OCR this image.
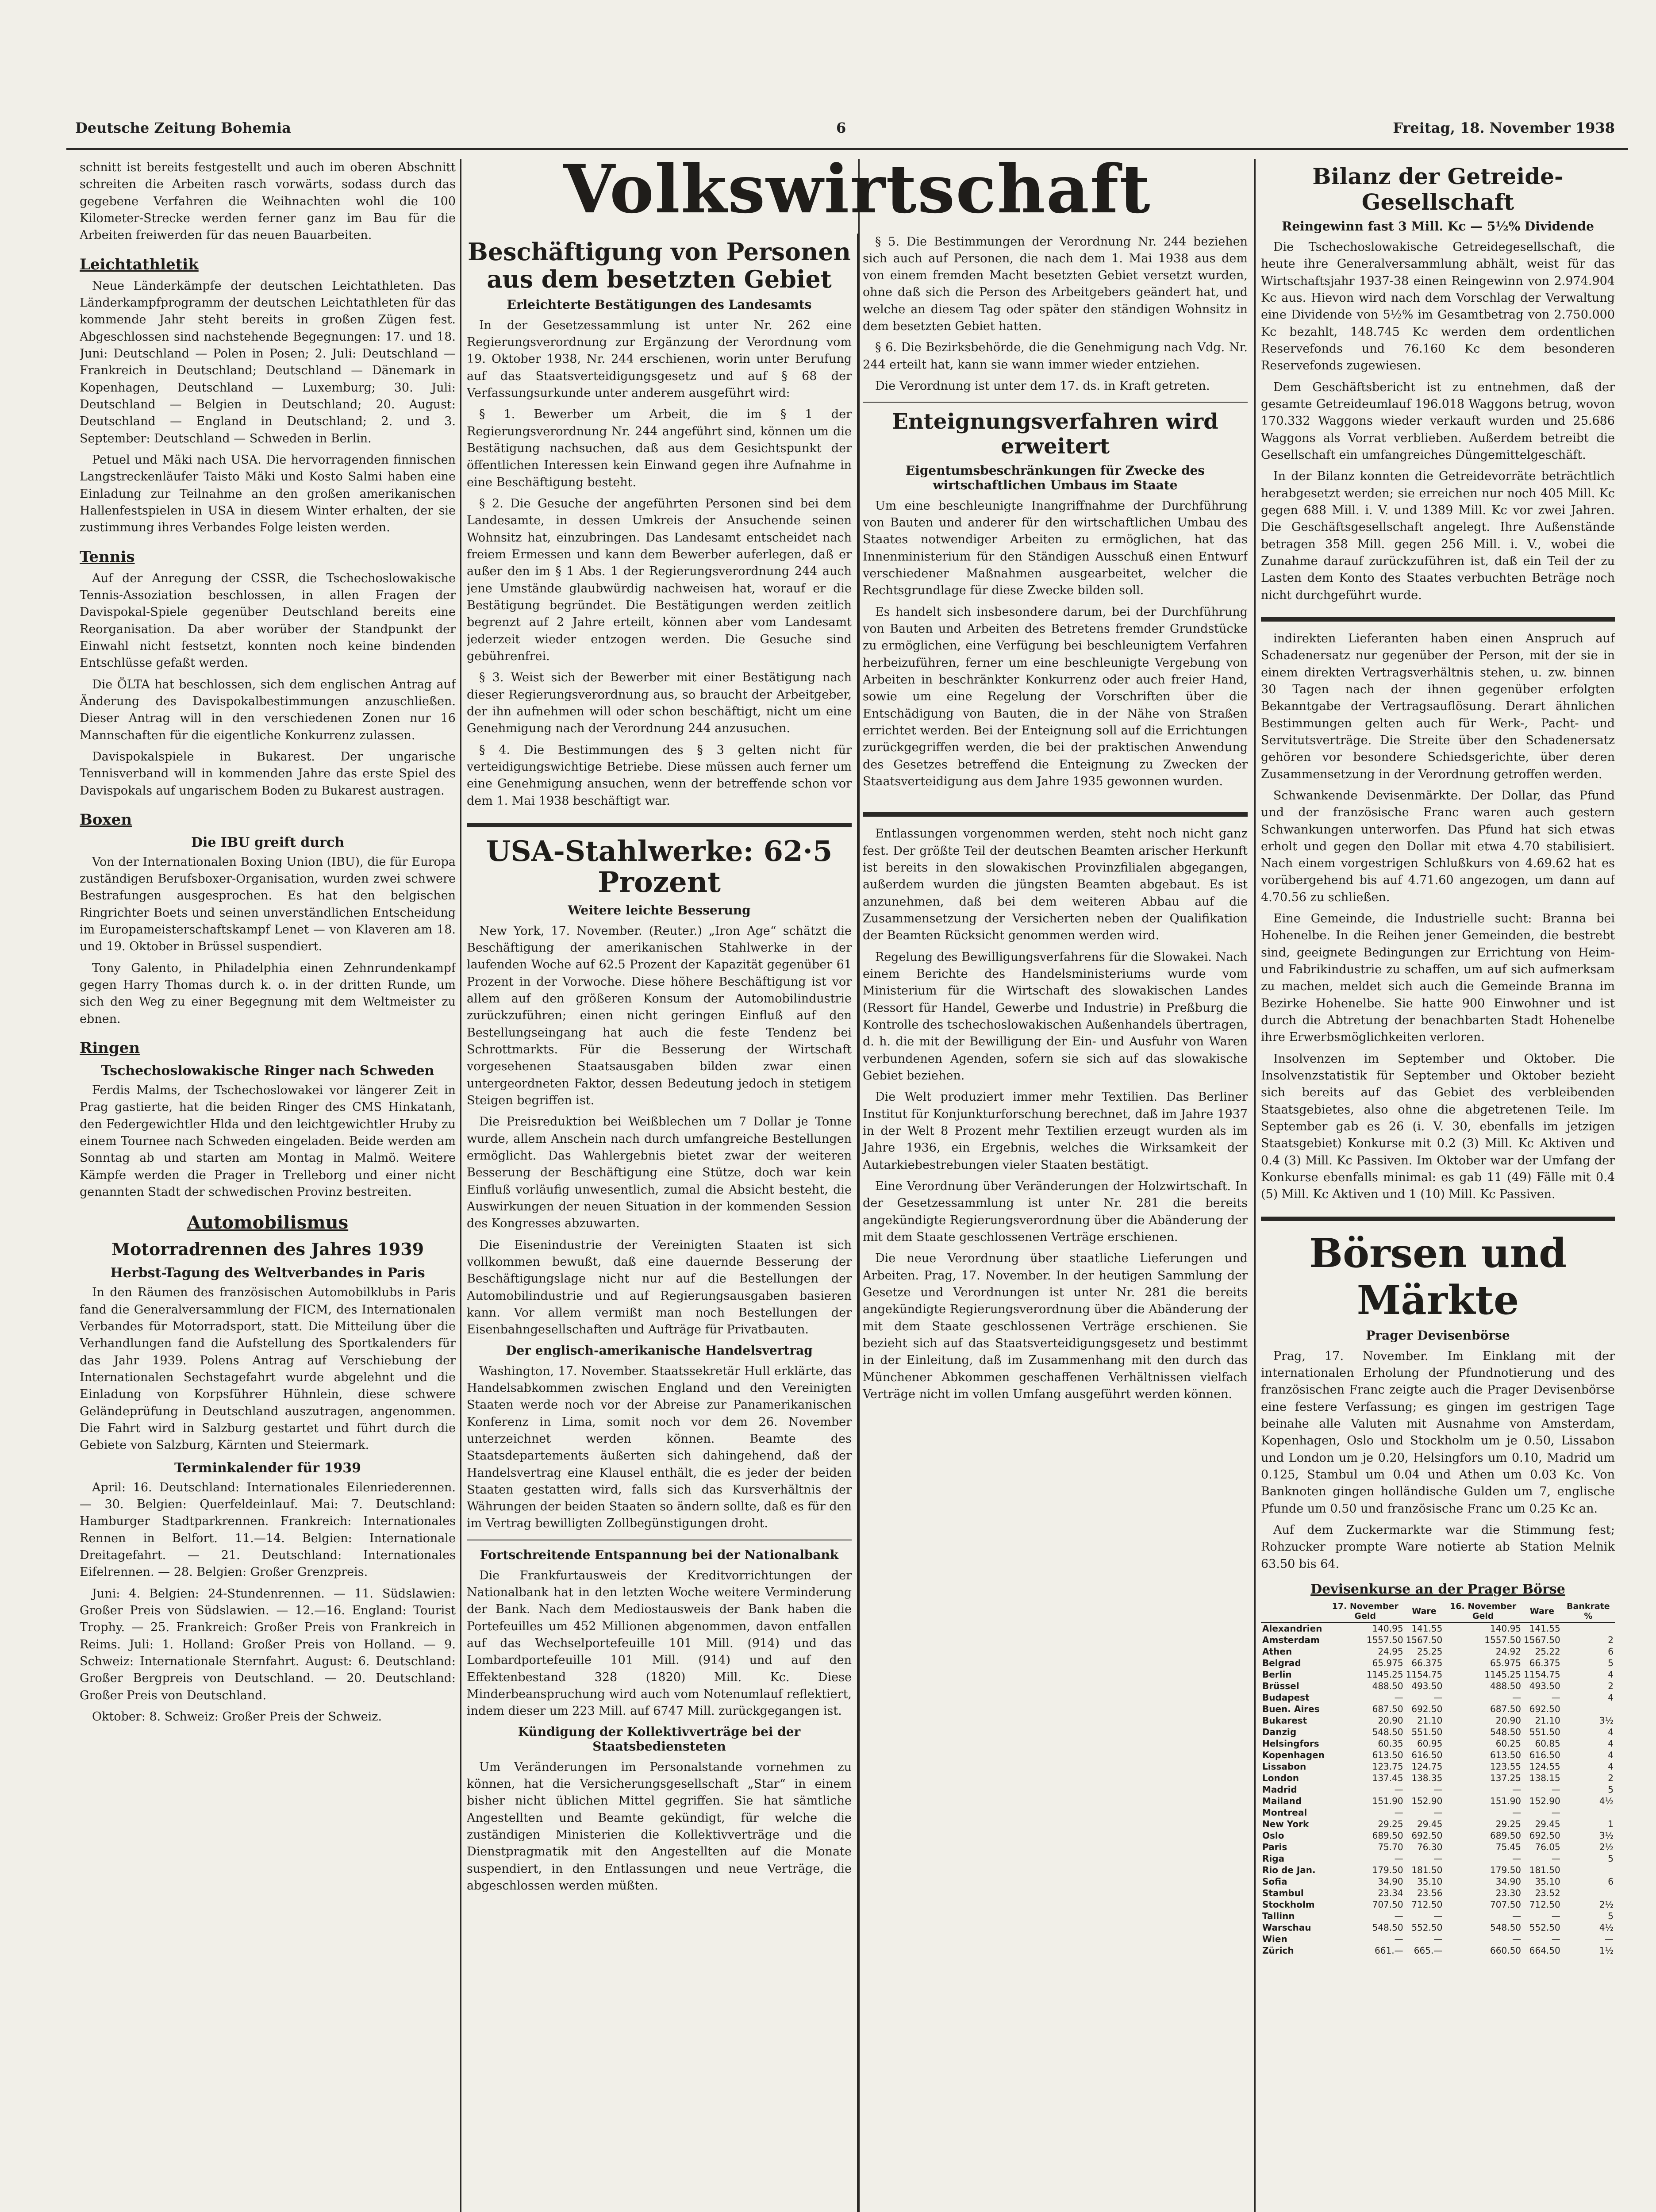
Deutsche Zeitung Bohemia	6	Freitag, 18. November 1938

schnitt ist bereits festgestellt und auch im oberen Abschnitt schreiten die Arbeiten rasch vorwärts, sodass durch das gegebene Verfahren die Weihnachten wohl die 100 Kilometer-Strecke werden ferner ganz im Bau für die Arbeiten freiwerden für das neuen Bauarbeiten.

Leichtathletik

Neue Länderkämpfe der deutschen Leichtathleten. Das Länderkampfprogramm der deutschen Leichtathleten für das kommende Jahr steht bereits in großen Zügen fest. Abgeschlossen sind nachstehende Begegnungen: 17. und 18. Juni: Deutschland — Polen in Posen; 2. Juli: Deutschland — Frankreich in Deutschland; Deutschland — Dänemark in Kopenhagen, Deutschland — Luxemburg; 30. Juli: Deutschland — Belgien in Deutschland; 20. August: Deutschland — England in Deutschland; 2. und 3. September: Deutschland — Schweden in Berlin.

Petuel und Mäki nach USA. Die hervorragenden finnischen Langstreckenläufer Taisto Mäki und Kosto Salmi haben eine Einladung zur Teilnahme an den großen amerikanischen Hallenfestspielen in USA in diesem Winter erhalten, der sie zustimmung ihres Verbandes Folge leisten werden.

Tennis

Auf der Anregung der CSSR, die Tschechoslowakische Tennis-Assoziation beschlossen, in allen Fragen der Davispokal-Spiele gegenüber Deutschland bereits eine Reorganisation. Da aber worüber der Standpunkt der Einwahl nicht festsetzt, konnten noch keine bindenden Entschlüsse gefaßt werden.

Die ÖLTA hat beschlossen, sich dem englischen Antrag auf Änderung des Davispokalbestimmungen anzuschließen. Dieser Antrag will in den verschiedenen Zonen nur 16 Mannschaften für die eigentliche Konkurrenz zulassen.

Davispokalspiele in Bukarest. Der ungarische Tennisverband will in kommenden Jahre das erste Spiel des Davispokals auf ungarischem Boden zu Bukarest austragen.

Boxen
Die IBU greift durch

Von der Internationalen Boxing Union (IBU), die für Europa zuständigen Berufsboxer-Organisation, wurden zwei schwere Bestrafungen ausgesprochen. Es hat den belgischen Ringrichter Boets und seinen unverständlichen Entscheidung im Europameisterschaftskampf Lenet — von Klaveren am 18. und 19. Oktober in Brüssel suspendiert.

Tony Galento, in Philadelphia einen Zehnrundenkampf gegen Harry Thomas durch k. o. in der dritten Runde, um sich den Weg zu einer Begegnung mit dem Weltmeister zu ebnen.

Ringen
Tschechoslowakische Ringer nach Schweden

Ferdis Malms, der Tschechoslowakei vor längerer Zeit in Prag gastierte, hat die beiden Ringer des CMS Hinkatanh, den Federgewichtler Hlda und den leichtgewichtler Hruby zu einem Tournee nach Schweden eingeladen. Beide werden am Sonntag ab und starten am Montag in Malmö. Weitere Kämpfe werden die Prager in Trelleborg und einer nicht genannten Stadt der schwedischen Provinz bestreiten.

Automobilismus
Motorradrennen des Jahres 1939
Herbst-Tagung des Weltverbandes in Paris

In den Räumen des französischen Automobilklubs in Paris fand die Generalversammlung der FICM, des Internationalen Verbandes für Motorradsport, statt. Die Mitteilung über die Verhandlungen fand die Aufstellung des Sportkalenders für das Jahr 1939. Polens Antrag auf Verschiebung der Internationalen Sechstagefahrt wurde abgelehnt und die Einladung von Korpsführer Hühnlein, diese schwere Geländeprüfung in Deutschland auszutragen, angenommen. Die Fahrt wird in Salzburg gestartet und führt durch die Gebiete von Salzburg, Kärnten und Steiermark.

Terminkalender für 1939

April: 16. Deutschland: Internationales Eilenriederennen. — 30. Belgien: Querfeldeinlauf. Mai: 7. Deutschland: Hamburger Stadtparkrennen. Frankreich: Internationales Rennen in Belfort. 11.—14. Belgien: Internationale Dreitagefahrt. — 21. Deutschland: Internationales Eifelrennen. — 28. Belgien: Großer Grenzpreis.

Juni: 4. Belgien: 24-Stundenrennen. — 11. Südslawien: Großer Preis von Südslawien. — 12.—16. England: Tourist Trophy. — 25. Frankreich: Großer Preis von Frankreich in Reims. Juli: 1. Holland: Großer Preis von Holland. — 9. Schweiz: Internationale Sternfahrt. August: 6. Deutschland: Großer Bergpreis von Deutschland. — 20. Deutschland: Großer Preis von Deutschland.

Oktober: 8. Schweiz: Großer Preis der Schweiz.

Volkswirtschaft
Beschäftigung von Personen aus dem besetzten Gebiet
Erleichterte Bestätigungen des Landesamts

In der Gesetzessammlung ist unter Nr. 262 eine Regierungsverordnung zur Ergänzung der Verordnung vom 19. Oktober 1938, Nr. 244 erschienen, worin unter Berufung auf das Staatsverteidigungsgesetz und auf § 68 der Verfassungsurkunde unter anderem ausgeführt wird:

§ 1. Bewerber um Arbeit, die im § 1 der Regierungsverordnung Nr. 244 angeführt sind, können um die Bestätigung nachsuchen, daß aus dem Gesichtspunkt der öffentlichen Interessen kein Einwand gegen ihre Aufnahme in eine Beschäftigung besteht.

§ 2. Die Gesuche der angeführten Personen sind bei dem Landesamte, in dessen Umkreis der Ansuchende seinen Wohnsitz hat, einzubringen. Das Landesamt entscheidet nach freiem Ermessen und kann dem Bewerber auferlegen, daß er außer den im § 1 Abs. 1 der Regierungsverordnung 244 auch jene Umstände glaubwürdig nachweisen hat, worauf er die Bestätigung begründet. Die Bestätigungen werden zeitlich begrenzt auf 2 Jahre erteilt, können aber vom Landesamt jederzeit wieder entzogen werden. Die Gesuche sind gebührenfrei.

§ 3. Weist sich der Bewerber mit einer Bestätigung nach dieser Regierungsverordnung aus, so braucht der Arbeitgeber, der ihn aufnehmen will oder schon beschäftigt, nicht um eine Genehmigung nach der Verordnung 244 anzusuchen.

§ 4. Die Bestimmungen des § 3 gelten nicht für verteidigungswichtige Betriebe. Diese müssen auch ferner um eine Genehmigung ansuchen, wenn der betreffende schon vor dem 1. Mai 1938 beschäftigt war.

USA-Stahlwerke: 62·5 Prozent
Weitere leichte Besserung

New York, 17. November. (Reuter.) „Iron Age“ schätzt die Beschäftigung der amerikanischen Stahlwerke in der laufenden Woche auf 62.5 Prozent der Kapazität gegenüber 61 Prozent in der Vorwoche. Diese höhere Beschäftigung ist vor allem auf den größeren Konsum der Automobilindustrie zurückzuführen; einen nicht geringen Einfluß auf den Bestellungseingang hat auch die feste Tendenz bei Schrottmarkts. Für die Besserung der Wirtschaft vorgesehenen Staatsausgaben bilden zwar einen untergeordneten Faktor, dessen Bedeutung jedoch in stetigem Steigen begriffen ist.

Die Preisreduktion bei Weißblechen um 7 Dollar je Tonne wurde, allem Anschein nach durch umfangreiche Bestellungen ermöglicht. Das Wahlergebnis bietet zwar der weiteren Besserung der Beschäftigung eine Stütze, doch war kein Einfluß vorläufig unwesentlich, zumal die Absicht besteht, die Auswirkungen der neuen Situation in der kommenden Session des Kongresses abzuwarten.

Die Eisenindustrie der Vereinigten Staaten ist sich vollkommen bewußt, daß eine dauernde Besserung der Beschäftigungslage nicht nur auf die Bestellungen der Automobilindustrie und auf Regierungsausgaben basieren kann. Vor allem vermißt man noch Bestellungen der Eisenbahngesellschaften und Aufträge für Privatbauten.

Der englisch-amerikanische Handelsvertrag

Washington, 17. November. Staatssekretär Hull erklärte, das Handelsabkommen zwischen England und den Vereinigten Staaten werde noch vor der Abreise zur Panamerikanischen Konferenz in Lima, somit noch vor dem 26. November unterzeichnet werden können. Beamte des Staatsdepartements äußerten sich dahingehend, daß der Handelsvertrag eine Klausel enthält, die es jeder der beiden Staaten gestatten wird, falls sich das Kursverhältnis der Währungen der beiden Staaten so ändern sollte, daß es für den im Vertrag bewilligten Zollbegünstigungen droht.

Fortschreitende Entspannung bei der Nationalbank

Die Frankfurtausweis der Kreditvorrichtungen der Nationalbank hat in den letzten Woche weitere Verminderung der Bank. Nach dem Mediostausweis der Bank haben die Portefeuilles um 452 Millionen abgenommen, davon entfallen auf das Wechselportefeuille 101 Mill. (914) und das Lombardportefeuille 101 Mill. (914) und auf den Effektenbestand 328 (1820) Mill. Kc. Diese Minderbeanspruchung wird auch vom Notenumlauf reflektiert, indem dieser um 223 Mill. auf 6747 Mill. zurückgegangen ist.

Kündigung der Kollektivverträge bei der Staatsbediensteten

Um Veränderungen im Personalstande vornehmen zu können, hat die Versicherungsgesellschaft „Star“ in einem bisher nicht üblichen Mittel gegriffen. Sie hat sämtliche Angestellten und Beamte gekündigt, für welche die zuständigen Ministerien die Kollektivverträge und die Dienstpragmatik mit den Angestellten auf die Monate suspendiert, in den Entlassungen und neue Verträge, die abgeschlossen werden müßten.

§ 5. Die Bestimmungen der Verordnung Nr. 244 beziehen sich auch auf Personen, die nach dem 1. Mai 1938 aus dem von einem fremden Macht besetzten Gebiet versetzt wurden, ohne daß sich die Person des Arbeitgebers geändert hat, und welche an diesem Tag oder später den ständigen Wohnsitz in dem besetzten Gebiet hatten.

§ 6. Die Bezirksbehörde, die die Genehmigung nach Vdg. Nr. 244 erteilt hat, kann sie wann immer wieder entziehen.

Die Verordnung ist unter dem 17. ds. in Kraft getreten.

Enteignungsverfahren wird erweitert
Eigentumsbeschränkungen für Zwecke des wirtschaftlichen Umbaus im Staate

Um eine beschleunigte Inangriffnahme der Durchführung von Bauten und anderer für den wirtschaftlichen Umbau des Staates notwendiger Arbeiten zu ermöglichen, hat das Innenministerium für den Ständigen Ausschuß einen Entwurf verschiedener Maßnahmen ausgearbeitet, welcher die Rechtsgrundlage für diese Zwecke bilden soll.

Es handelt sich insbesondere darum, bei der Durchführung von Bauten und Arbeiten des Betretens fremder Grundstücke zu ermöglichen, eine Verfügung bei beschleunigtem Verfahren herbeizuführen, ferner um eine beschleunigte Vergebung von Arbeiten in beschränkter Konkurrenz oder auch freier Hand, sowie um eine Regelung der Vorschriften über die Entschädigung von Bauten, die in der Nähe von Straßen errichtet werden. Bei der Enteignung soll auf die Errichtungen zurückgegriffen werden, die bei der praktischen Anwendung des Gesetzes betreffend die Enteignung zu Zwecken der Staatsverteidigung aus dem Jahre 1935 gewonnen wurden.

Entlassungen vorgenommen werden, steht noch nicht ganz fest. Der größte Teil der deutschen Beamten arischer Herkunft ist bereits in den slowakischen Provinzfilialen abgegangen, außerdem wurden die jüngsten Beamten abgebaut. Es ist anzunehmen, daß bei dem weiteren Abbau auf die Zusammensetzung der Versicherten neben der Qualifikation der Beamten Rücksicht genommen werden wird.

Regelung des Bewilligungsverfahrens für die Slowakei. Nach einem Berichte des Handelsministeriums wurde vom Ministerium für die Wirtschaft des slowakischen Landes (Ressort für Handel, Gewerbe und Industrie) in Preßburg die Kontrolle des tschechoslowakischen Außenhandels übertragen, d. h. die mit der Bewilligung der Ein- und Ausfuhr von Waren verbundenen Agenden, sofern sie sich auf das slowakische Gebiet beziehen.

Die Welt produziert immer mehr Textilien. Das Berliner Institut für Konjunkturforschung berechnet, daß im Jahre 1937 in der Welt 8 Prozent mehr Textilien erzeugt wurden als im Jahre 1936, ein Ergebnis, welches die Wirksamkeit der Autarkiebestrebungen vieler Staaten bestätigt.

Eine Verordnung über Veränderungen der Holzwirtschaft. In der Gesetzessammlung ist unter Nr. 281 die bereits angekündigte Regierungsverordnung über die Abänderung der mit dem Staate geschlossenen Verträge erschienen.

Die neue Verordnung über staatliche Lieferungen und Arbeiten. Prag, 17. November. In der heutigen Sammlung der Gesetze und Verordnungen ist unter Nr. 281 die bereits angekündigte Regierungsverordnung über die Abänderung der mit dem Staate geschlossenen Verträge erschienen. Sie bezieht sich auf das Staatsverteidigungsgesetz und bestimmt in der Einleitung, daß im Zusammenhang mit den durch das Münchener Abkommen geschaffenen Verhältnissen vielfach Verträge nicht im vollen Umfang ausgeführt werden können.

Bilanz der Getreide-Gesellschaft
Reingewinn fast 3 Mill. Kc — 5½% Dividende

Die Tschechoslowakische Getreidegesellschaft, die heute ihre Generalversammlung abhält, weist für das Wirtschaftsjahr 1937-38 einen Reingewinn von 2.974.904 Kc aus. Hievon wird nach dem Vorschlag der Verwaltung eine Dividende von 5½% im Gesamtbetrag von 2.750.000 Kc bezahlt, 148.745 Kc werden dem ordentlichen Reservefonds und 76.160 Kc dem besonderen Reservefonds zugewiesen.

Dem Geschäftsbericht ist zu entnehmen, daß der gesamte Getreideumlauf 196.018 Waggons betrug, wovon 170.332 Waggons wieder verkauft wurden und 25.686 Waggons als Vorrat verblieben. Außerdem betreibt die Gesellschaft ein umfangreiches Düngemittelgeschäft.

In der Bilanz konnten die Getreidevorräte beträchtlich herabgesetzt werden; sie erreichen nur noch 405 Mill. Kc gegen 688 Mill. i. V. und 1389 Mill. Kc vor zwei Jahren. Die Geschäftsgesellschaft angelegt. Ihre Außenstände betragen 358 Mill. gegen 256 Mill. i. V., wobei die Zunahme darauf zurückzuführen ist, daß ein Teil der zu Lasten dem Konto des Staates verbuchten Beträge noch nicht durchgeführt wurde.

indirekten Lieferanten haben einen Anspruch auf Schadenersatz nur gegenüber der Person, mit der sie in einem direkten Vertragsverhältnis stehen, u. zw. binnen 30 Tagen nach der ihnen gegenüber erfolgten Bekanntgabe der Vertragsauflösung. Derart ähnlichen Bestimmungen gelten auch für Werk-, Pacht- und Servitutsverträge. Die Streite über den Schadenersatz gehören vor besondere Schiedsgerichte, über deren Zusammensetzung in der Verordnung getroffen werden.

Schwankende Devisenmärkte. Der Dollar, das Pfund und der französische Franc waren auch gestern Schwankungen unterworfen. Das Pfund hat sich etwas erholt und gegen den Dollar mit etwa 4.70 stabilisiert. Nach einem vorgestrigen Schlußkurs von 4.69.62 hat es vorübergehend bis auf 4.71.60 angezogen, um dann auf 4.70.56 zu schließen.

Eine Gemeinde, die Industrielle sucht: Branna bei Hohenelbe. In die Reihen jener Gemeinden, die bestrebt sind, geeignete Bedingungen zur Errichtung von Heim- und Fabrikindustrie zu schaffen, um auf sich aufmerksam zu machen, meldet sich auch die Gemeinde Branna im Bezirke Hohenelbe. Sie hatte 900 Einwohner und ist durch die Abtretung der benachbarten Stadt Hohenelbe ihre Erwerbsmöglichkeiten verloren.

Insolvenzen im September und Oktober. Die Insolvenzstatistik für September und Oktober bezieht sich bereits auf das Gebiet des verbleibenden Staatsgebietes, also ohne die abgetretenen Teile. Im September gab es 26 (i. V. 30, ebenfalls im jetzigen Staatsgebiet) Konkurse mit 0.2 (3) Mill. Kc Aktiven und 0.4 (3) Mill. Kc Passiven. Im Oktober war der Umfang der Konkurse ebenfalls minimal: es gab 11 (49) Fälle mit 0.4 (5) Mill. Kc Aktiven und 1 (10) Mill. Kc Passiven.

Börsen und Märkte
Prager Devisenbörse

Prag, 17. November. Im Einklang mit der internationalen Erholung der Pfundnotierung und des französischen Franc zeigte auch die Prager Devisenbörse eine festere Verfassung; es gingen im gestrigen Tage beinahe alle Valuten mit Ausnahme von Amsterdam, Kopenhagen, Oslo und Stockholm um je 0.50, Lissabon und London um je 0.20, Helsingfors um 0.10, Madrid um 0.125, Stambul um 0.04 und Athen um 0.03 Kc. Von Banknoten gingen holländische Gulden um 7, englische Pfunde um 0.50 und französische Franc um 0.25 Kc an.

Auf dem Zuckermarkte war die Stimmung fest; Rohzucker prompte Ware notierte ab Station Melnik 63.50 bis 64.

Devisenkurse an der Prager Börse
	17. November Geld	Ware	16. November Geld	Ware	Bankrate %
Alexandrien	140.95	141.55	140.95	141.55	
Amsterdam	1557.50	1567.50	1557.50	1567.50	2
Athen	24.95	25.25	24.92	25.22	6
Belgrad	65.975	66.375	65.975	66.375	5
Berlin	1145.25	1154.75	1145.25	1154.75	4
Brüssel	488.50	493.50	488.50	493.50	2
Budapest	—	—	—	—	4
Buen. Aires	687.50	692.50	687.50	692.50	
Bukarest	20.90	21.10	20.90	21.10	3½
Danzig	548.50	551.50	548.50	551.50	4
Helsingfors	60.35	60.95	60.25	60.85	4
Kopenhagen	613.50	616.50	613.50	616.50	4
Lissabon	123.75	124.75	123.55	124.55	4
London	137.45	138.35	137.25	138.15	2
Madrid	—	—	—	—	5
Mailand	151.90	152.90	151.90	152.90	4½
Montreal	—	—	—	—	
New York	29.25	29.45	29.25	29.45	1
Oslo	689.50	692.50	689.50	692.50	3½
Paris	75.70	76.30	75.45	76.05	2½
Riga	—	—	—	—	5
Rio de Jan.	179.50	181.50	179.50	181.50	
Sofia	34.90	35.10	34.90	35.10	6
Stambul	23.34	23.56	23.30	23.52	
Stockholm	707.50	712.50	707.50	712.50	2½
Tallinn	—	—	—	—	5
Warschau	548.50	552.50	548.50	552.50	4½
Wien	—	—	—	—	—
Zürich	661.—	665.—	660.50	664.50	1½
